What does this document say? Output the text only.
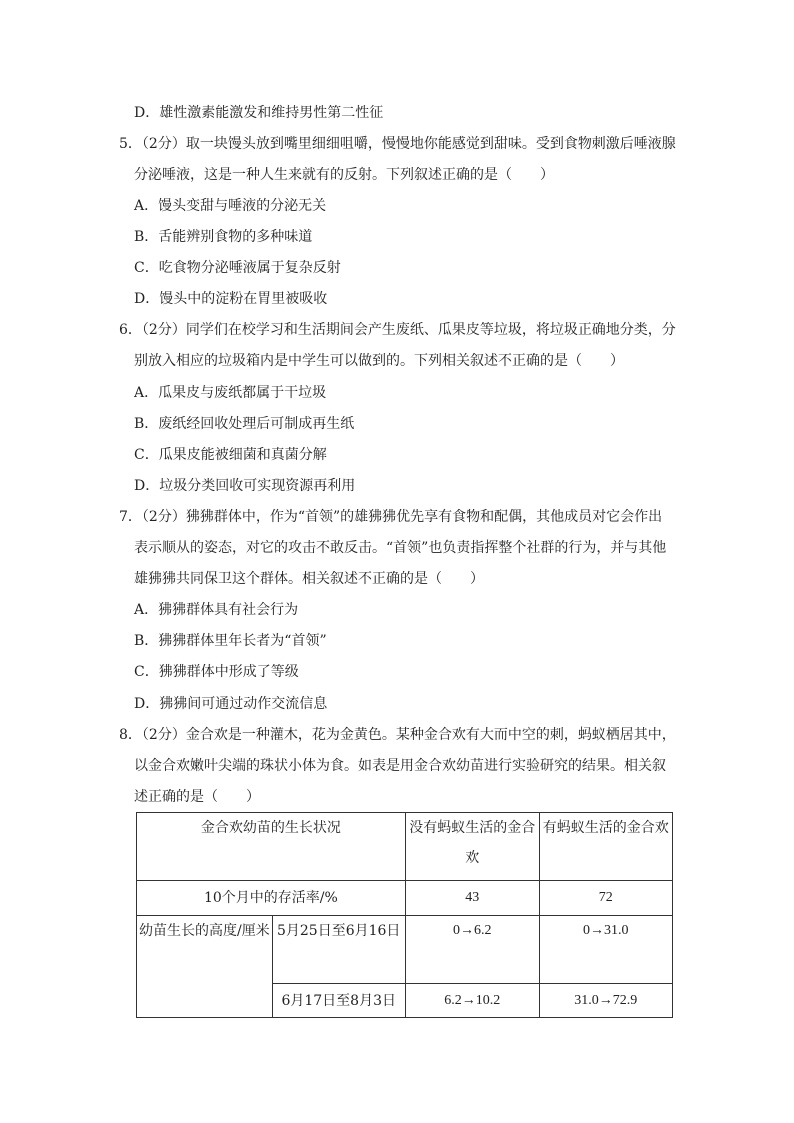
D．雄性激素能激发和维持男性第二性征
5．（2分）取一块馒头放到嘴里细细咀嚼，慢慢地你能感觉到甜味。受到食物刺激后唾液腺
分泌唾液，这是一种人生来就有的反射。下列叙述正确的是（　　）
A．馒头变甜与唾液的分泌无关
B．舌能辨别食物的多种味道
C．吃食物分泌唾液属于复杂反射
D．馒头中的淀粉在胃里被吸收
6．（2分）同学们在校学习和生活期间会产生废纸、瓜果皮等垃圾，将垃圾正确地分类，分
别放入相应的垃圾箱内是中学生可以做到的。下列相关叙述不正确的是（　　）
A．瓜果皮与废纸都属于干垃圾
B．废纸经回收处理后可制成再生纸
C．瓜果皮能被细菌和真菌分解
D．垃圾分类回收可实现资源再利用
7．（2分）狒狒群体中，作为“首领”的雄狒狒优先享有食物和配偶，其他成员对它会作出
表示顺从的姿态，对它的攻击不敢反击。“首领”也负责指挥整个社群的行为，并与其他
雄狒狒共同保卫这个群体。相关叙述不正确的是（　　）
A．狒狒群体具有社会行为
B．狒狒群体里年长者为“首领”
C．狒狒群体中形成了等级
D．狒狒间可通过动作交流信息
8．（2分）金合欢是一种灌木，花为金黄色。某种金合欢有大而中空的刺，蚂蚁栖居其中，
以金合欢嫩叶尖端的珠状小体为食。如表是用金合欢幼苗进行实验研究的结果。相关叙
述正确的是（　　）
金合欢幼苗的生长状况		没有蚂蚁生活的金合欢	有蚂蚁生活的金合欢
10个月中的存活率/%		43	72
幼苗生长的高度/厘米	5月25日至6月16日	0→6.2	0→31.0
	6月17日至8月3日	6.2→10.2	31.0→72.9
